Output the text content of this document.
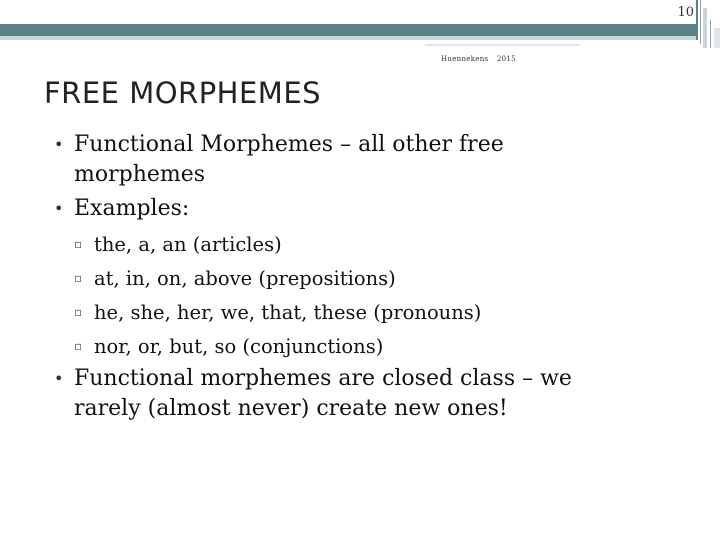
10
Huennekens 2015
FREE MORPHEMES
• Functional Morphemes – all other free
morphemes
• Examples:
▫ the, a, an (articles)
▫ at, in, on, above (prepositions)
▫ he, she, her, we, that, these (pronouns)
▫ nor, or, but, so (conjunctions)
• Functional morphemes are closed class – we
rarely (almost never) create new ones!
